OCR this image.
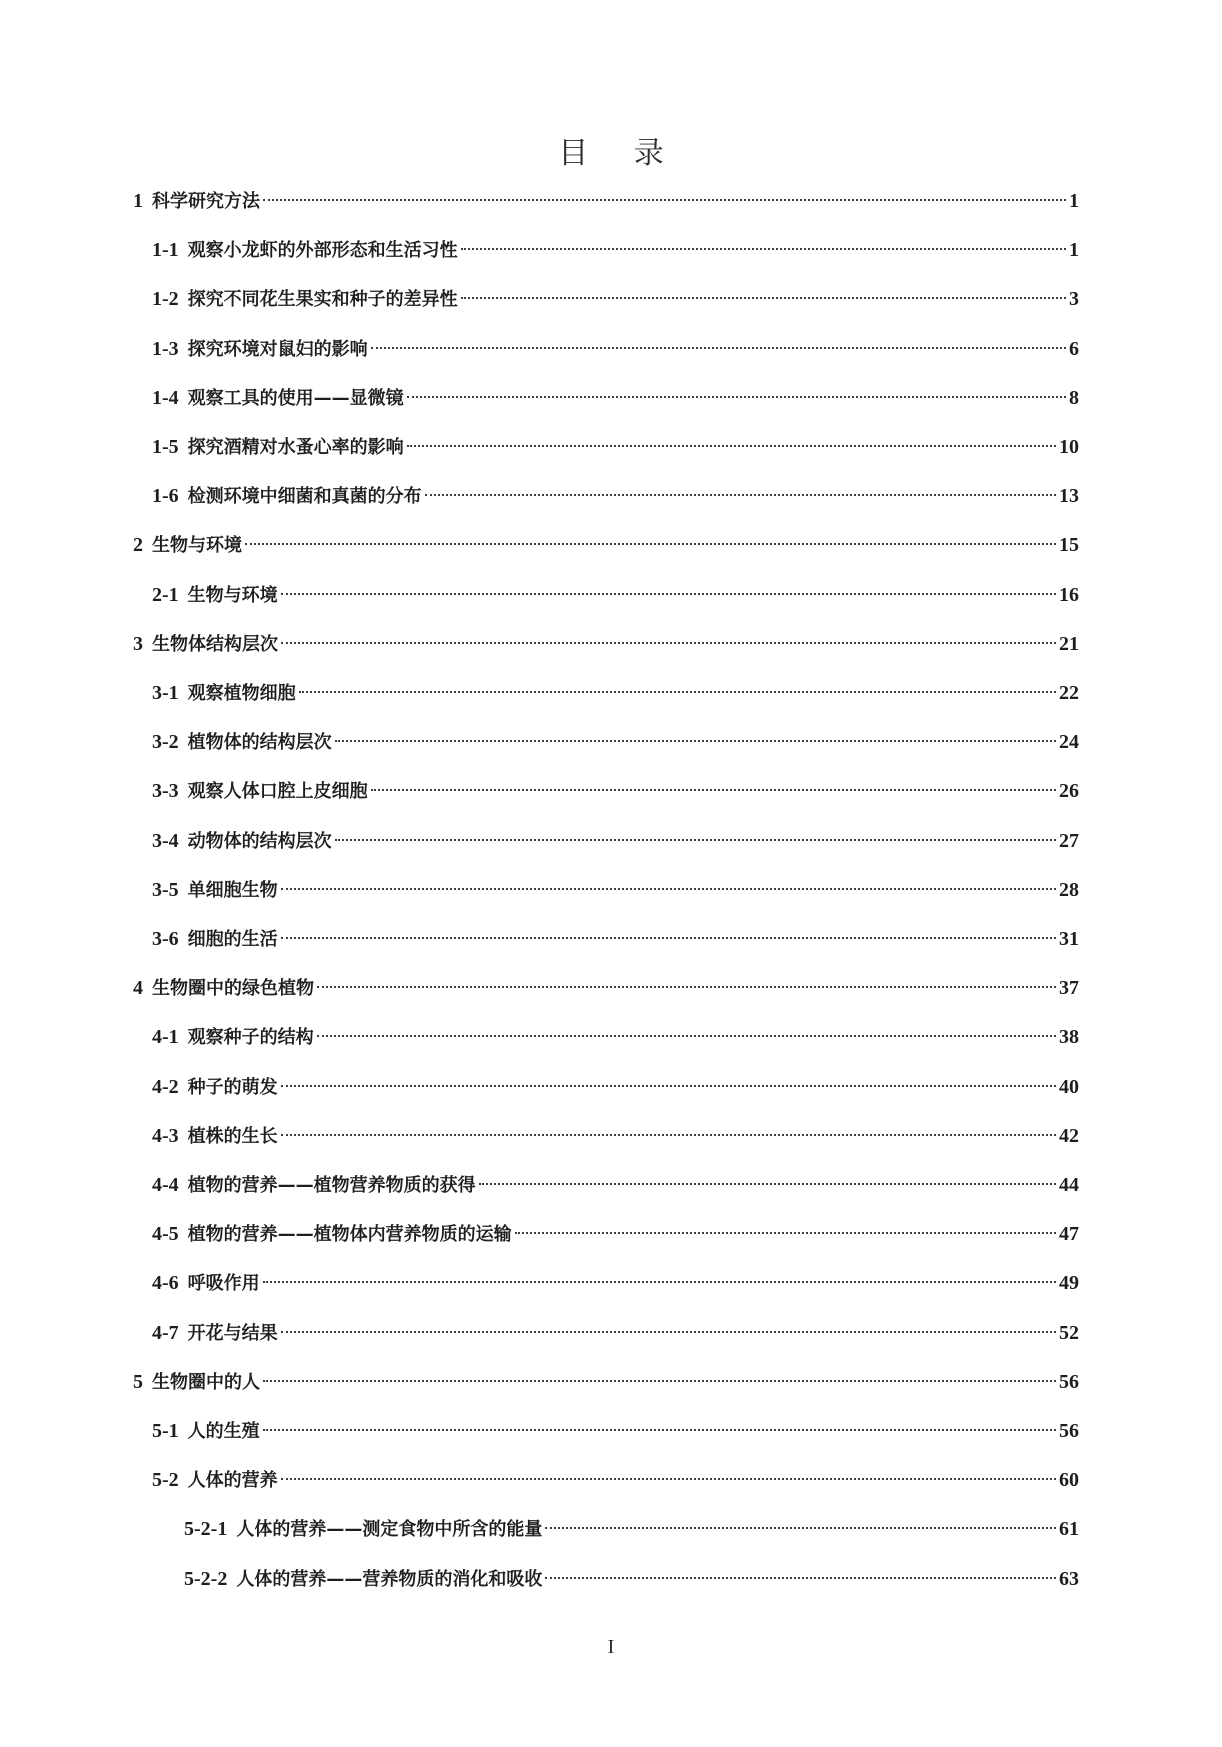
目 录
1 科学研究方法	1
1-1 观察小龙虾的外部形态和生活习性	1
1-2 探究不同花生果实和种子的差异性	3
1-3 探究环境对鼠妇的影响	6
1-4 观察工具的使用——显微镜	8
1-5 探究酒精对水蚤心率的影响	10
1-6 检测环境中细菌和真菌的分布	13
2 生物与环境	15
2-1 生物与环境	16
3 生物体结构层次	21
3-1 观察植物细胞	22
3-2 植物体的结构层次	24
3-3 观察人体口腔上皮细胞	26
3-4 动物体的结构层次	27
3-5 单细胞生物	28
3-6 细胞的生活	31
4 生物圈中的绿色植物	37
4-1 观察种子的结构	38
4-2 种子的萌发	40
4-3 植株的生长	42
4-4 植物的营养——植物营养物质的获得	44
4-5 植物的营养——植物体内营养物质的运输	47
4-6 呼吸作用	49
4-7 开花与结果	52
5 生物圈中的人	56
5-1 人的生殖	56
5-2 人体的营养	60
5-2-1 人体的营养——测定食物中所含的能量	61
5-2-2 人体的营养——营养物质的消化和吸收	63
I
